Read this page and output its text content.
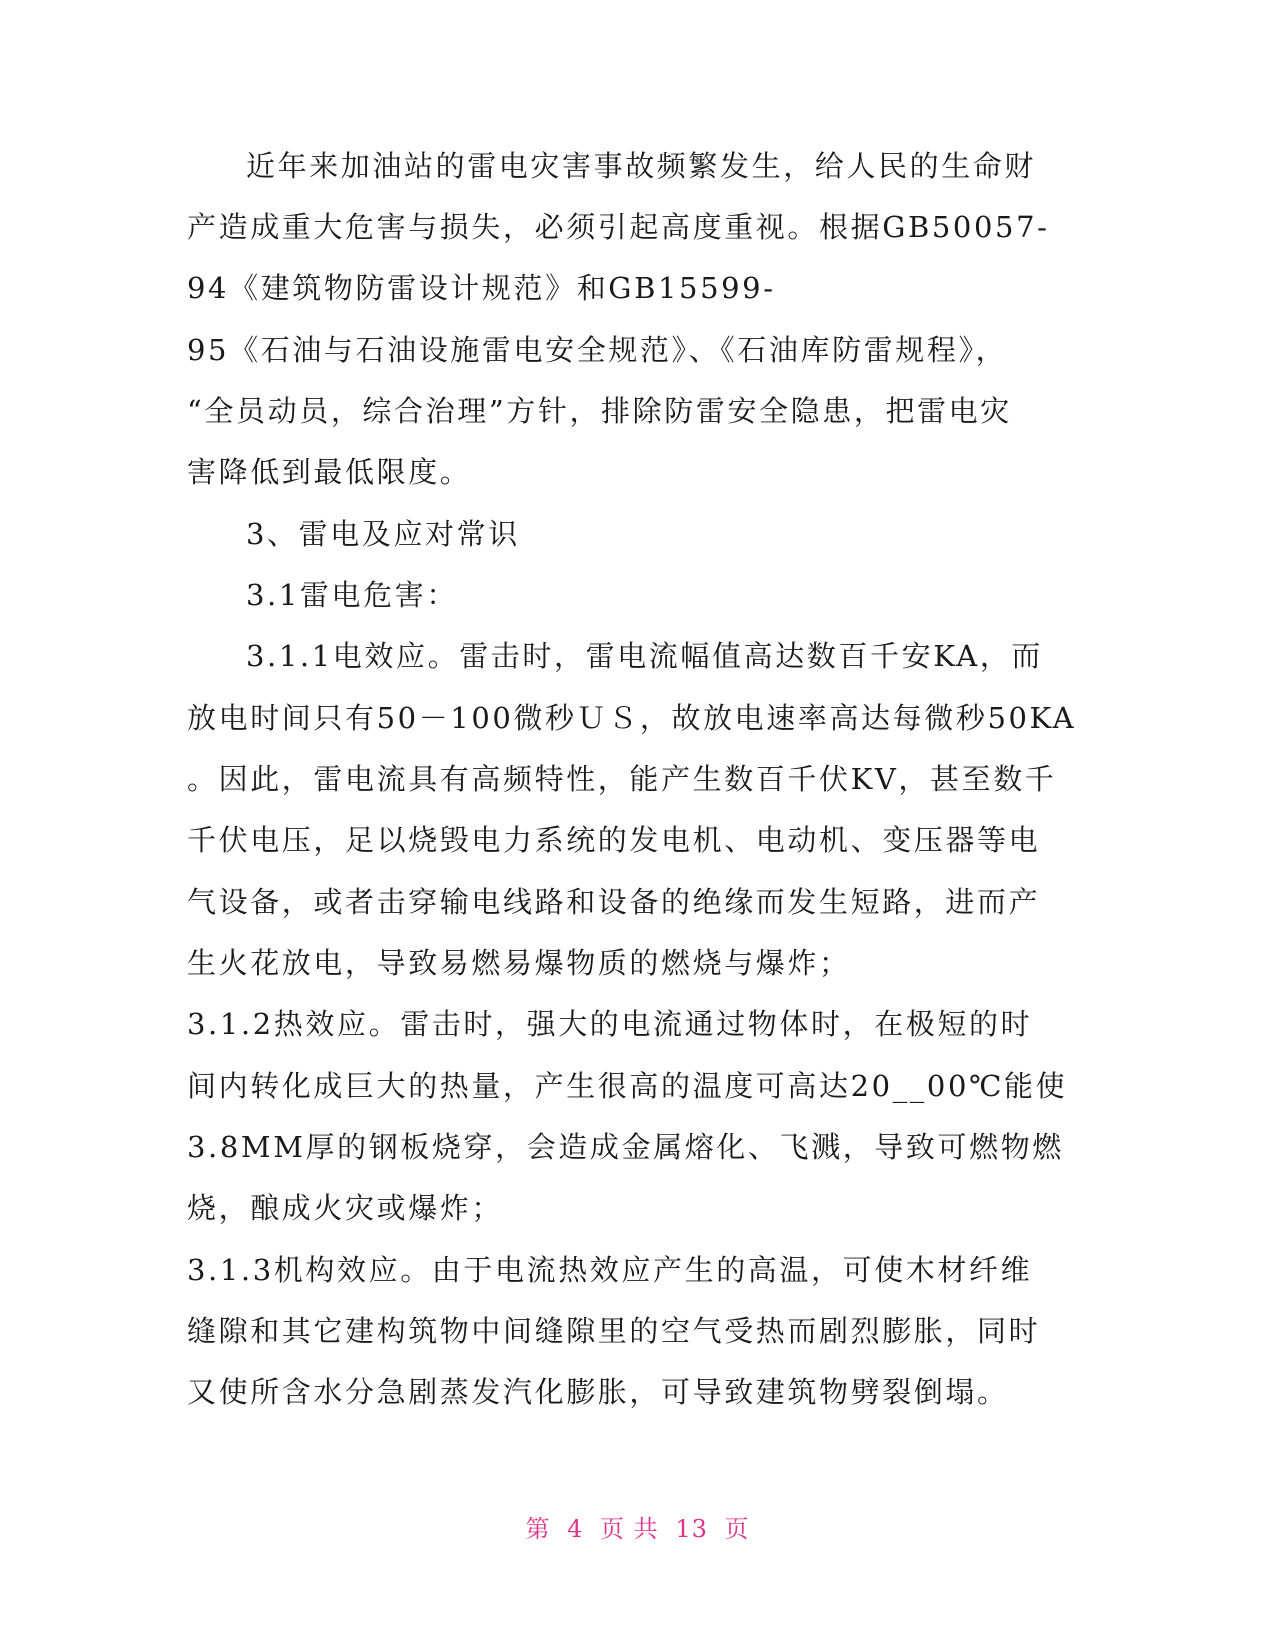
近年来加油站的雷电灾害事故频繁发生，给人民的生命财
产造成重大危害与损失，必须引起高度重视。根据GB50057-
94《建筑物防雷设计规范》和GB15599-
95《石油与石油设施雷电安全规范》、《石油库防雷规程》，
“全员动员，综合治理”方针，排除防雷安全隐患，把雷电灾
害降低到最低限度。
3、雷电及应对常识
3.1雷电危害：
3.1.1电效应。雷击时，雷电流幅值高达数百千安KA，而
放电时间只有50－100微秒ＵＳ，故放电速率高达每微秒50KA
。因此，雷电流具有高频特性，能产生数百千伏KV，甚至数千
千伏电压，足以烧毁电力系统的发电机、电动机、变压器等电
气设备，或者击穿输电线路和设备的绝缘而发生短路，进而产
生火花放电，导致易燃易爆物质的燃烧与爆炸；
3.1.2热效应。雷击时，强大的电流通过物体时，在极短的时
间内转化成巨大的热量，产生很高的温度可高达20__00℃能使
3.8MM厚的钢板烧穿，会造成金属熔化、飞溅，导致可燃物燃
烧，酿成火灾或爆炸；
3.1.3机构效应。由于电流热效应产生的高温，可使木材纤维
缝隙和其它建构筑物中间缝隙里的空气受热而剧烈膨胀，同时
又使所含水分急剧蒸发汽化膨胀，可导致建筑物劈裂倒塌。
第 4 页 共 13 页
